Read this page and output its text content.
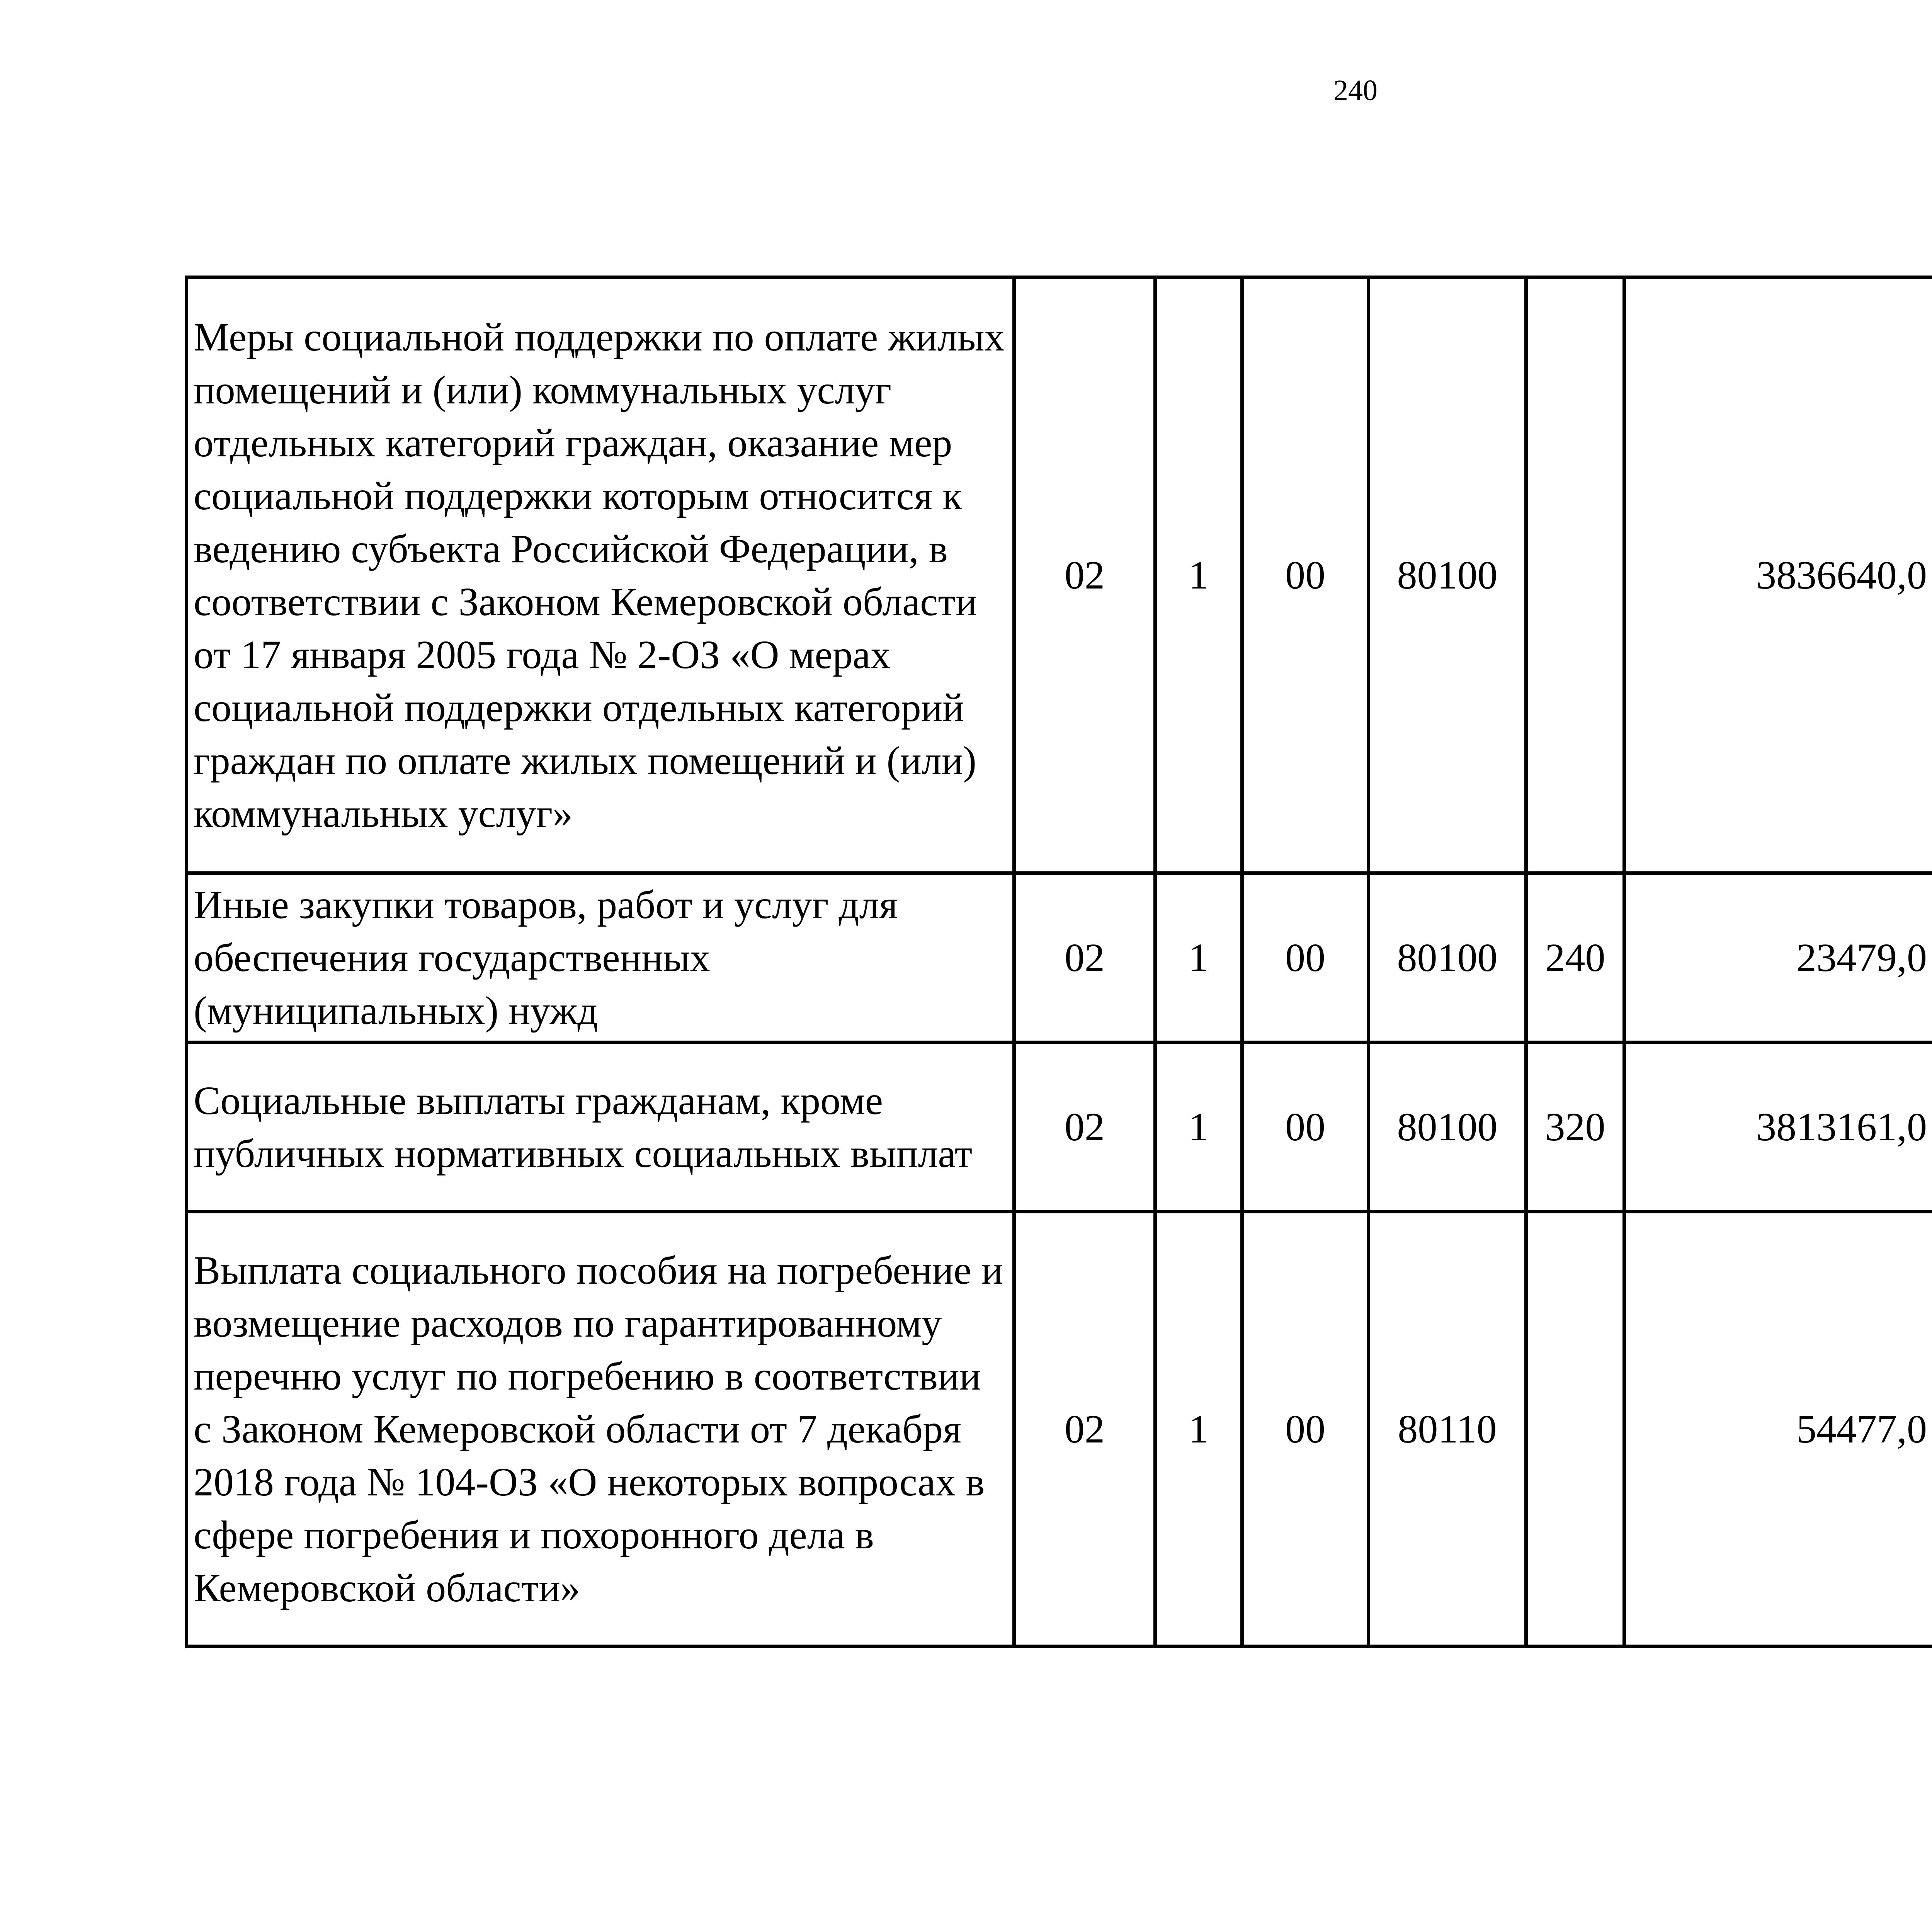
240
Меры социальной поддержки по оплате жилых помещений и (или) коммунальных услуг отдельных категорий граждан, оказание мер социальной поддержки которым относится к ведению субъекта Российской Федерации, в соответствии с Законом Кемеровской области от 17 января 2005 года № 2-ОЗ «О мерах социальной поддержки отдельных категорий граждан по оплате жилых помещений и (или) коммунальных услуг»	02	1	00	80100		3836640,0		
Иные закупки товаров, работ и услуг для обеспечения государственных (муниципальных) нужд	02	1	00	80100	240	23479,0		
Социальные выплаты гражданам, кроме публичных нормативных социальных выплат	02	1	00	80100	320	3813161,0		
Выплата социального пособия на погребение и возмещение расходов по гарантированному перечню услуг по погребению в соответствии с Законом Кемеровской области от 7 декабря 2018 года № 104-ОЗ «О некоторых вопросах в сфере погребения и похоронного дела в Кемеровской области»	02	1	00	80110		54477,0		
